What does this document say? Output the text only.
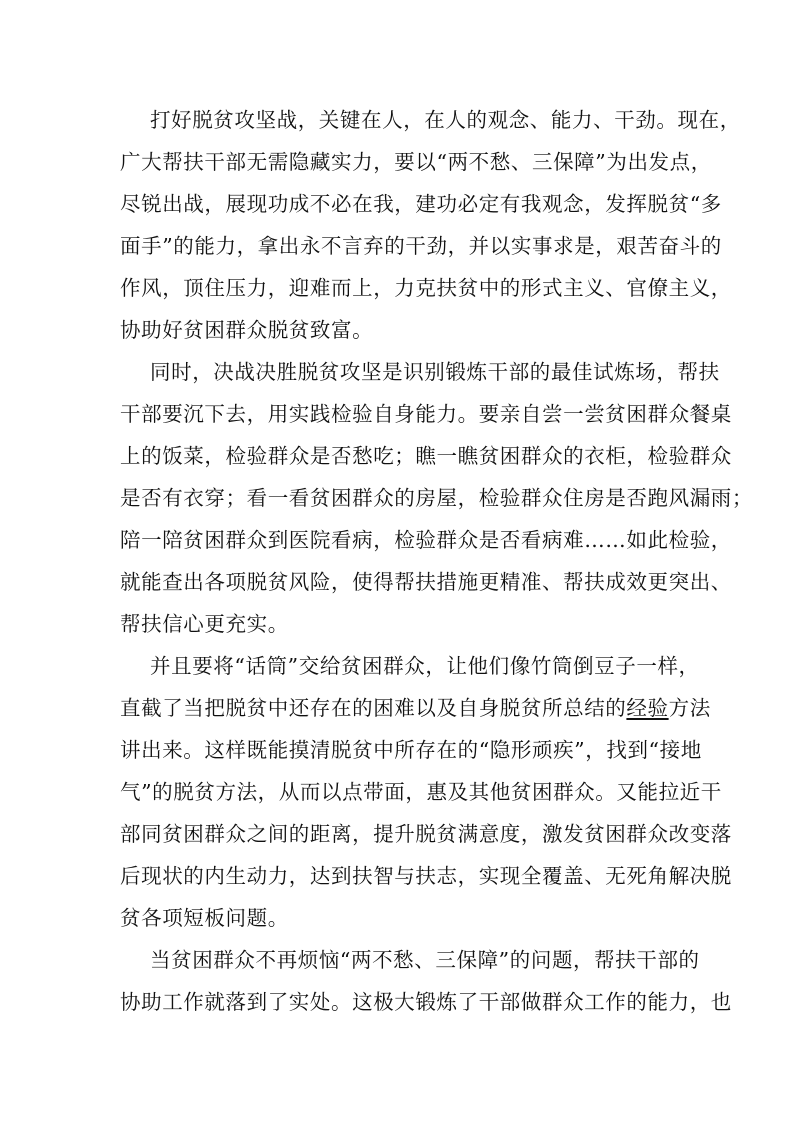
打好脱贫攻坚战，关键在人，在人的观念、能力、干劲。现在，
广大帮扶干部无需隐藏实力，要以“两不愁、三保障”为出发点，
尽锐出战，展现功成不必在我，建功必定有我观念，发挥脱贫“多
面手”的能力，拿出永不言弃的干劲，并以实事求是，艰苦奋斗的
作风，顶住压力，迎难而上，力克扶贫中的形式主义、官僚主义，
协助好贫困群众脱贫致富。
同时，决战决胜脱贫攻坚是识别锻炼干部的最佳试炼场，帮扶
干部要沉下去，用实践检验自身能力。要亲自尝一尝贫困群众餐桌
上的饭菜，检验群众是否愁吃；瞧一瞧贫困群众的衣柜，检验群众
是否有衣穿；看一看贫困群众的房屋，检验群众住房是否跑风漏雨；
陪一陪贫困群众到医院看病，检验群众是否看病难……如此检验，
就能查出各项脱贫风险，使得帮扶措施更精准、帮扶成效更突出、
帮扶信心更充实。
并且要将“话筒”交给贫困群众，让他们像竹筒倒豆子一样，
直截了当把脱贫中还存在的困难以及自身脱贫所总结的经验方法
讲出来。这样既能摸清脱贫中所存在的“隐形顽疾”，找到“接地
气”的脱贫方法，从而以点带面，惠及其他贫困群众。又能拉近干
部同贫困群众之间的距离，提升脱贫满意度，激发贫困群众改变落
后现状的内生动力，达到扶智与扶志，实现全覆盖、无死角解决脱
贫各项短板问题。
当贫困群众不再烦恼“两不愁、三保障”的问题，帮扶干部的
协助工作就落到了实处。这极大锻炼了干部做群众工作的能力，也
